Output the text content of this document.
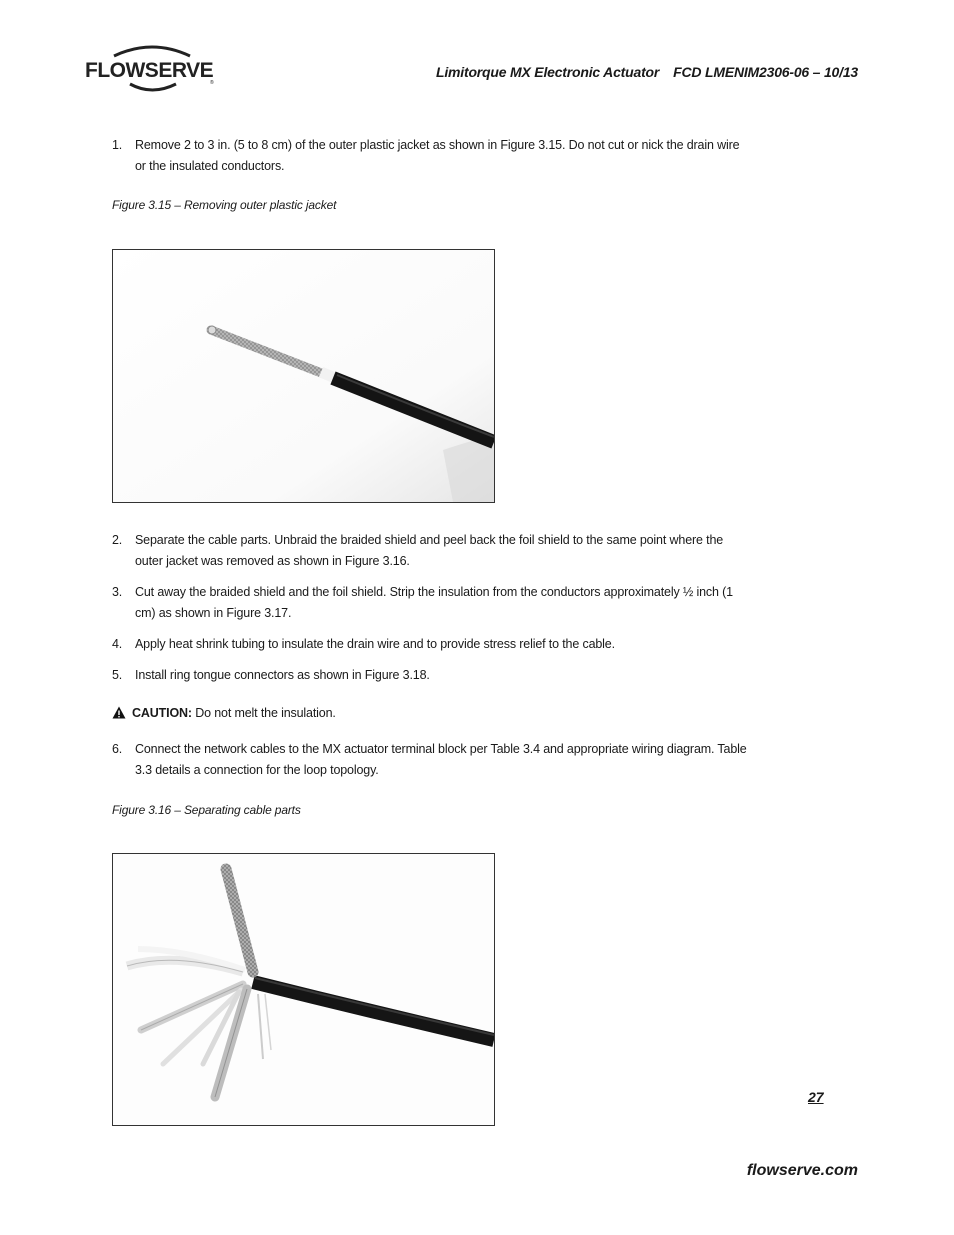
FLOWSERVE
®
Limitorque MX Electronic Actuator FCD LMENIM2306-06 – 10/13
1.	Remove 2 to 3 in. (5 to 8 cm) of the outer plastic jacket as shown in Figure 3.15. Do not cut or nick the drain wire or the insulated conductors.
Figure 3.15 – Removing outer plastic jacket
2.	Separate the cable parts. Unbraid the braided shield and peel back the foil shield to the same point where the outer jacket was removed as shown in Figure 3.16.
3.	Cut away the braided shield and the foil shield. Strip the insulation from the conductors approximately ½ inch (1 cm) as shown in Figure 3.17.
4.	Apply heat shrink tubing to insulate the drain wire and to provide stress relief to the cable.
5.	Install ring tongue connectors as shown in Figure 3.18.
CAUTION: Do not melt the insulation.
6.	Connect the network cables to the MX actuator terminal block per Table 3.4 and appropriate wiring diagram. Table 3.3 details a connection for the loop topology.
Figure 3.16 – Separating cable parts
27
flowserve.com
